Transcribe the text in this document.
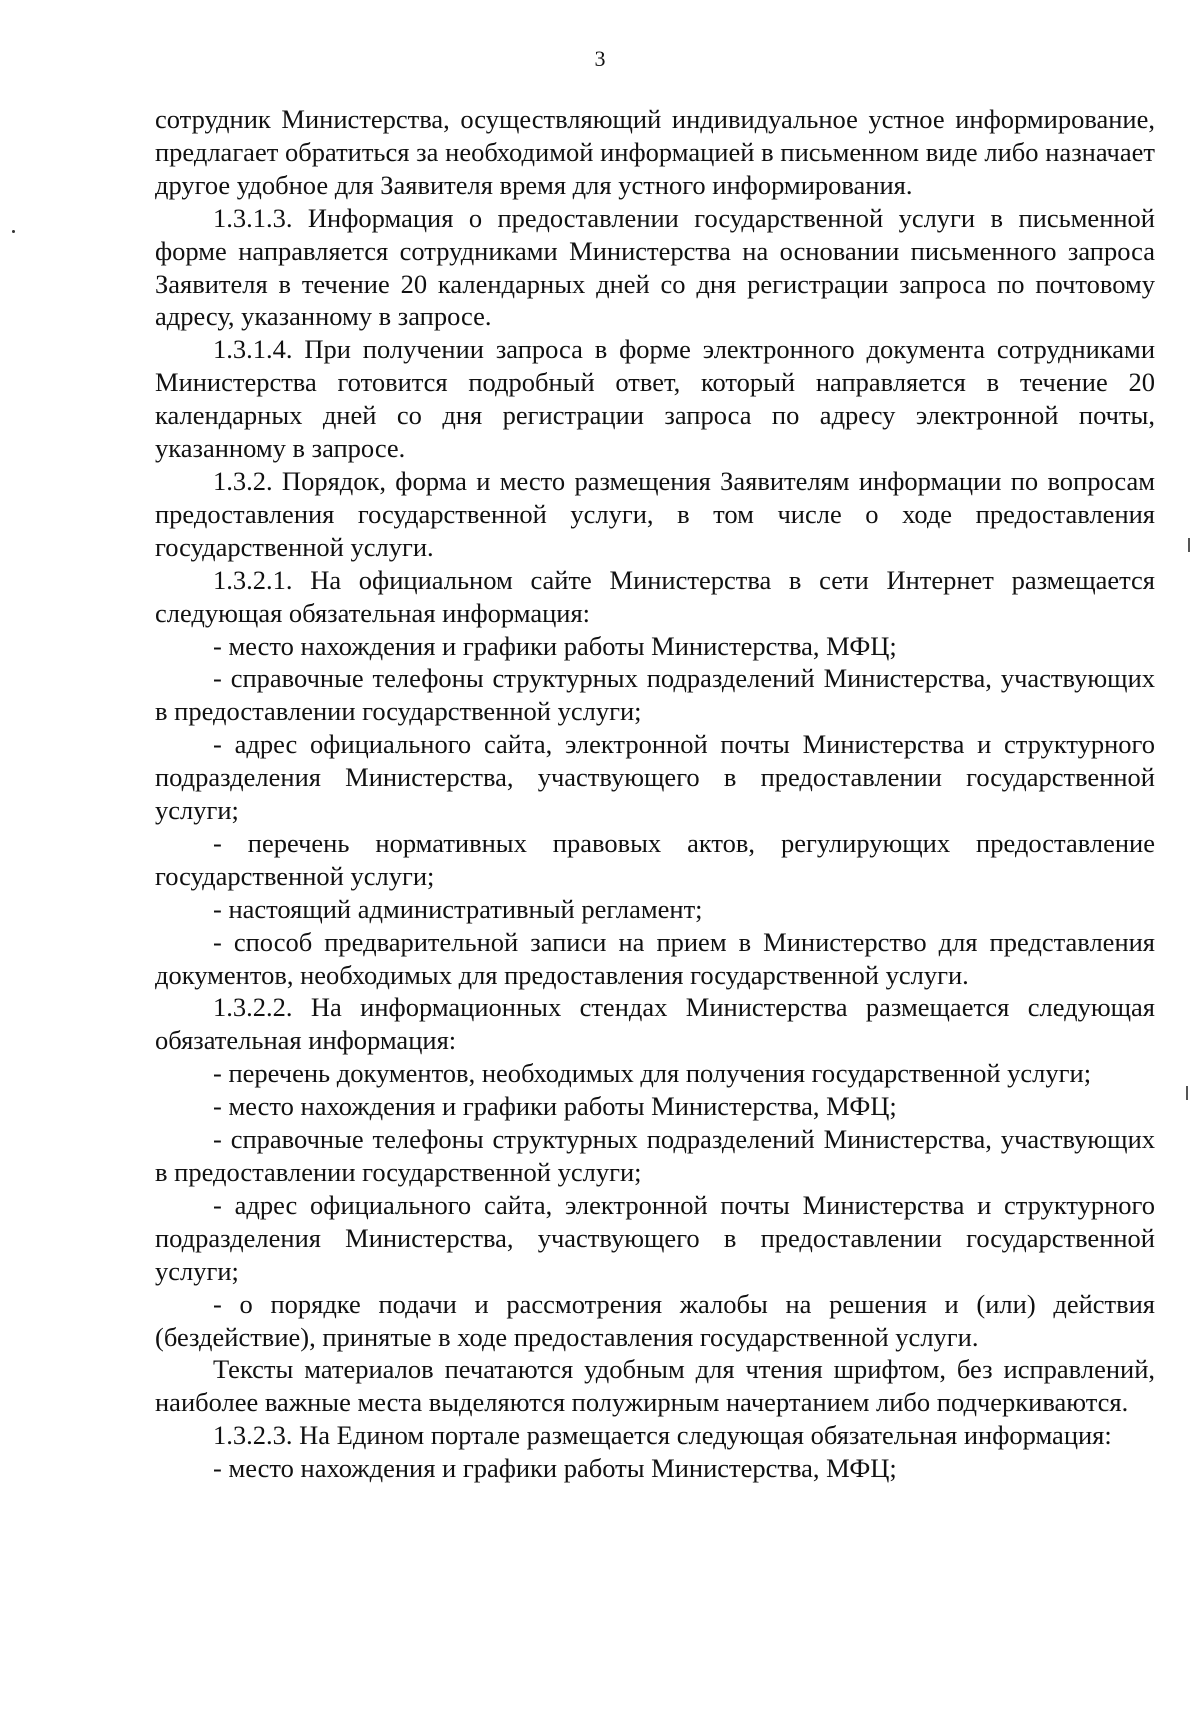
3

сотрудник Министерства, осуществляющий индивидуальное устное информирование, предлагает обратиться за необходимой информацией в письменном виде либо назначает другое удобное для Заявителя время для устного информирования.

1.3.1.3. Информация о предоставлении государственной услуги в письменной форме направляется сотрудниками Министерства на основании письменного запроса Заявителя в течение 20 календарных дней со дня регистрации запроса по почтовому адресу, указанному в запросе.

1.3.1.4. При получении запроса в форме электронного документа сотрудниками Министерства готовится подробный ответ, который направляется в течение 20 календарных дней со дня регистрации запроса по адресу электронной почты, указанному в запросе.

1.3.2. Порядок, форма и место размещения Заявителям информации по вопросам предоставления государственной услуги, в том числе о ходе предоставления государственной услуги.

1.3.2.1. На официальном сайте Министерства в сети Интернет размещается следующая обязательная информация:

- место нахождения и графики работы Министерства, МФЦ;

- справочные телефоны структурных подразделений Министерства, участвующих в предоставлении государственной услуги;

- адрес официального сайта, электронной почты Министерства и структурного подразделения Министерства, участвующего в предоставлении государственной услуги;

- перечень нормативных правовых актов, регулирующих предоставление государственной услуги;

- настоящий административный регламент;

- способ предварительной записи на прием в Министерство для представления документов, необходимых для предоставления государственной услуги.

1.3.2.2. На информационных стендах Министерства размещается следующая обязательная информация:

- перечень документов, необходимых для получения государственной услуги;

- место нахождения и графики работы Министерства, МФЦ;

- справочные телефоны структурных подразделений Министерства, участвующих в предоставлении государственной услуги;

- адрес официального сайта, электронной почты Министерства и структурного подразделения Министерства, участвующего в предоставлении государственной услуги;

- о порядке подачи и рассмотрения жалобы на решения и (или) действия (бездействие), принятые в ходе предоставления государственной услуги.

Тексты материалов печатаются удобным для чтения шрифтом, без исправлений, наиболее важные места выделяются полужирным начертанием либо подчеркиваются.

1.3.2.3. На Едином портале размещается следующая обязательная информация:

- место нахождения и графики работы Министерства, МФЦ;
